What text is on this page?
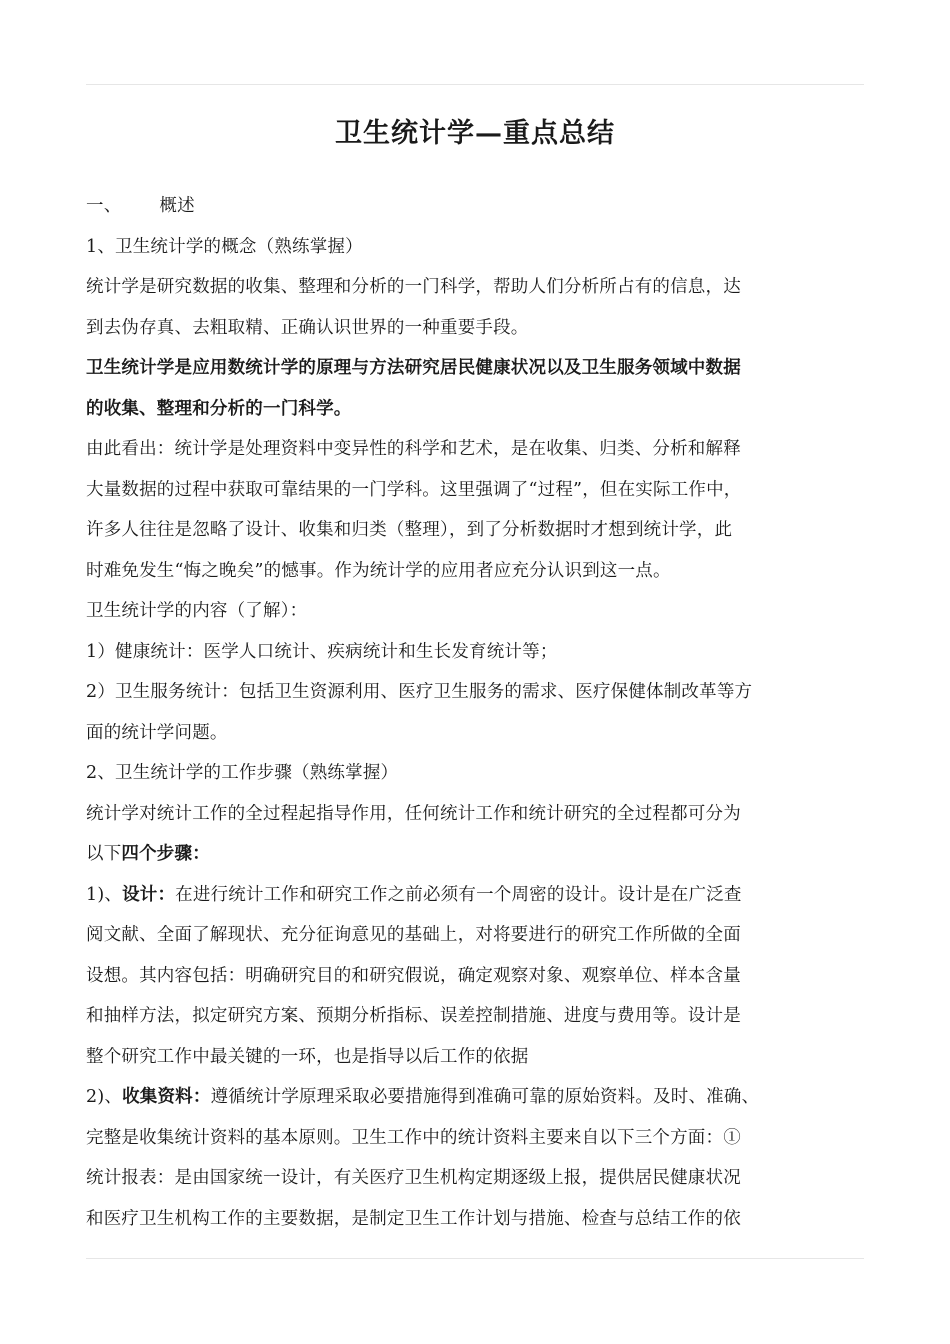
卫生统计学—重点总结
一、 概述
1、卫生统计学的概念（熟练掌握）
统计学是研究数据的收集、整理和分析的一门科学，帮助人们分析所占有的信息，达
到去伪存真、去粗取精、正确认识世界的一种重要手段。
卫生统计学是应用数统计学的原理与方法研究居民健康状况以及卫生服务领域中数据
的收集、整理和分析的一门科学。
由此看出：统计学是处理资料中变异性的科学和艺术，是在收集、归类、分析和解释
大量数据的过程中获取可靠结果的一门学科。这里强调了“过程”，但在实际工作中，
许多人往往是忽略了设计、收集和归类（整理），到了分析数据时才想到统计学，此
时难免发生“悔之晚矣”的憾事。作为统计学的应用者应充分认识到这一点。
卫生统计学的内容（了解）：
1）健康统计：医学人口统计、疾病统计和生长发育统计等；
2）卫生服务统计：包括卫生资源利用、医疗卫生服务的需求、医疗保健体制改革等方
面的统计学问题。
2、卫生统计学的工作步骤（熟练掌握）
统计学对统计工作的全过程起指导作用，任何统计工作和统计研究的全过程都可分为
以下四个步骤：
1)、设计：在进行统计工作和研究工作之前必须有一个周密的设计。设计是在广泛查
阅文献、全面了解现状、充分征询意见的基础上，对将要进行的研究工作所做的全面
设想。其内容包括：明确研究目的和研究假说，确定观察对象、观察单位、样本含量
和抽样方法，拟定研究方案、预期分析指标、误差控制措施、进度与费用等。设计是
整个研究工作中最关键的一环，也是指导以后工作的依据
2)、收集资料：遵循统计学原理采取必要措施得到准确可靠的原始资料。及时、准确、
完整是收集统计资料的基本原则。卫生工作中的统计资料主要来自以下三个方面：①
统计报表：是由国家统一设计，有关医疗卫生机构定期逐级上报，提供居民健康状况
和医疗卫生机构工作的主要数据，是制定卫生工作计划与措施、检查与总结工作的依
